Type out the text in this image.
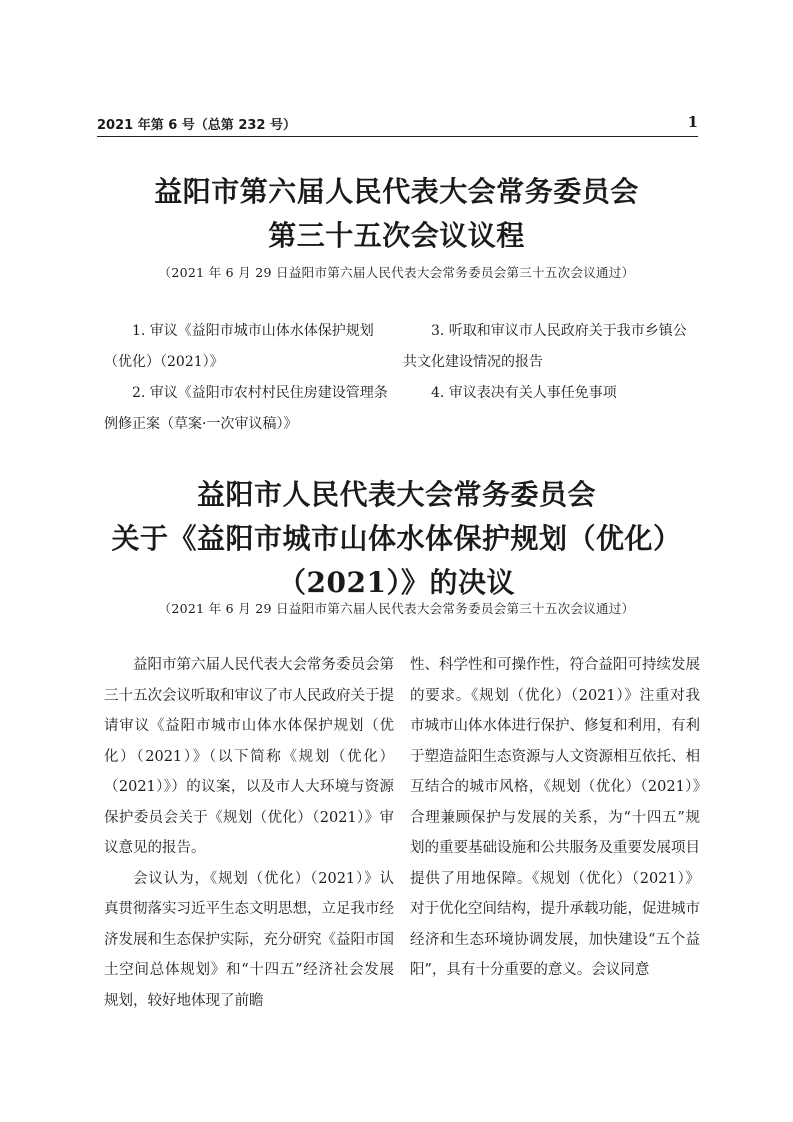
2021 年第 6 号（总第 232 号）	1
益阳市第六届人民代表大会常务委员会
第三十五次会议议程
（2021 年 6 月 29 日益阳市第六届人民代表大会常务委员会第三十五次会议通过）
1. 审议《益阳市城市山体水体保护规划（优化）（2021）》
2. 审议《益阳市农村村民住房建设管理条例修正案（草案·一次审议稿）》
3. 听取和审议市人民政府关于我市乡镇公共文化建设情况的报告
4. 审议表决有关人事任免事项
益阳市人民代表大会常务委员会
关于《益阳市城市山体水体保护规划（优化）
（2021）》的决议
（2021 年 6 月 29 日益阳市第六届人民代表大会常务委员会第三十五次会议通过）

益阳市第六届人民代表大会常务委员会第三十五次会议听取和审议了市人民政府关于提请审议《益阳市城市山体水体保护规划（优化）（2021）》（以下简称《规划（优化）（2021）》）的议案，以及市人大环境与资源保护委员会关于《规划（优化）（2021）》审议意见的报告。

会议认为，《规划（优化）（2021）》认真贯彻落实习近平生态文明思想，立足我市经济发展和生态保护实际，充分研究《益阳市国土空间总体规划》和“十四五”经济社会发展规划，较好地体现了前瞻

性、科学性和可操作性，符合益阳可持续发展的要求。《规划（优化）（2021）》注重对我市城市山体水体进行保护、修复和利用，有利于塑造益阳生态资源与人文资源相互依托、相互结合的城市风格，《规划（优化）（2021）》合理兼顾保护与发展的关系，为“十四五”规划的重要基础设施和公共服务及重要发展项目提供了用地保障。《规划（优化）（2021）》对于优化空间结构，提升承载功能，促进城市经济和生态环境协调发展，加快建设“五个益阳”，具有十分重要的意义。会议同意
